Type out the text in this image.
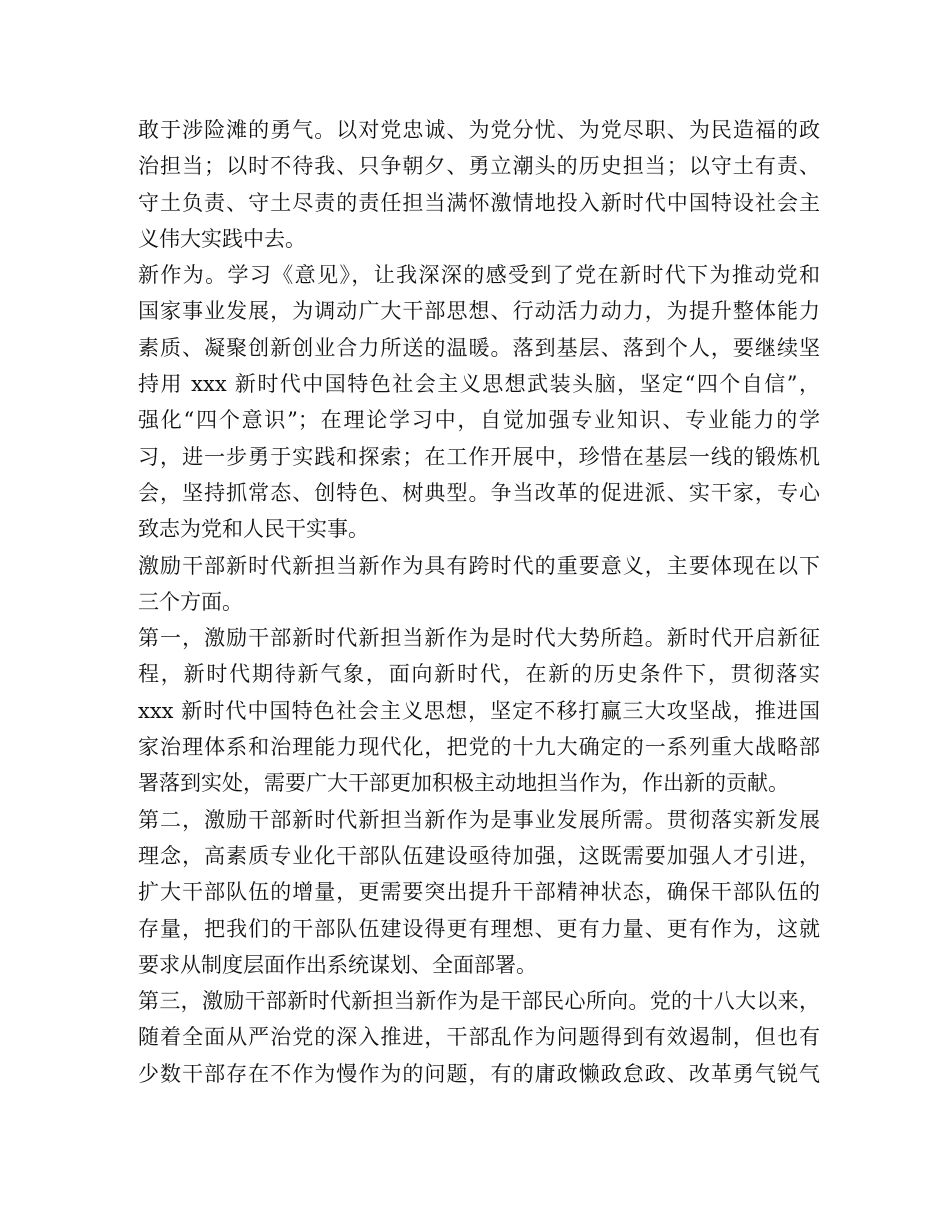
敢于涉险滩的勇气。以对党忠诚、为党分忧、为党尽职、为民造福的政
治担当；以时不待我、只争朝夕、勇立潮头的历史担当；以守土有责、
守土负责、守土尽责的责任担当满怀激情地投入新时代中国特设社会主
义伟大实践中去。
新作为。学习《意见》，让我深深的感受到了党在新时代下为推动党和
国家事业发展，为调动广大干部思想、行动活力动力，为提升整体能力
素质、凝聚创新创业合力所送的温暖。落到基层、落到个人，要继续坚
持用 xxx 新时代中国特色社会主义思想武装头脑，坚定“四个自信”，
强化“四个意识”；在理论学习中，自觉加强专业知识、专业能力的学
习，进一步勇于实践和探索；在工作开展中，珍惜在基层一线的锻炼机
会，坚持抓常态、创特色、树典型。争当改革的促进派、实干家，专心
致志为党和人民干实事。
激励干部新时代新担当新作为具有跨时代的重要意义，主要体现在以下
三个方面。
第一，激励干部新时代新担当新作为是时代大势所趋。新时代开启新征
程，新时代期待新气象，面向新时代，在新的历史条件下，贯彻落实
xxx 新时代中国特色社会主义思想，坚定不移打赢三大攻坚战，推进国
家治理体系和治理能力现代化，把党的十九大确定的一系列重大战略部
署落到实处，需要广大干部更加积极主动地担当作为，作出新的贡献。
第二，激励干部新时代新担当新作为是事业发展所需。贯彻落实新发展
理念，高素质专业化干部队伍建设亟待加强，这既需要加强人才引进，
扩大干部队伍的增量，更需要突出提升干部精神状态，确保干部队伍的
存量，把我们的干部队伍建设得更有理想、更有力量、更有作为，这就
要求从制度层面作出系统谋划、全面部署。
第三，激励干部新时代新担当新作为是干部民心所向。党的十八大以来，
随着全面从严治党的深入推进，干部乱作为问题得到有效遏制，但也有
少数干部存在不作为慢作为的问题，有的庸政懒政怠政、改革勇气锐气
